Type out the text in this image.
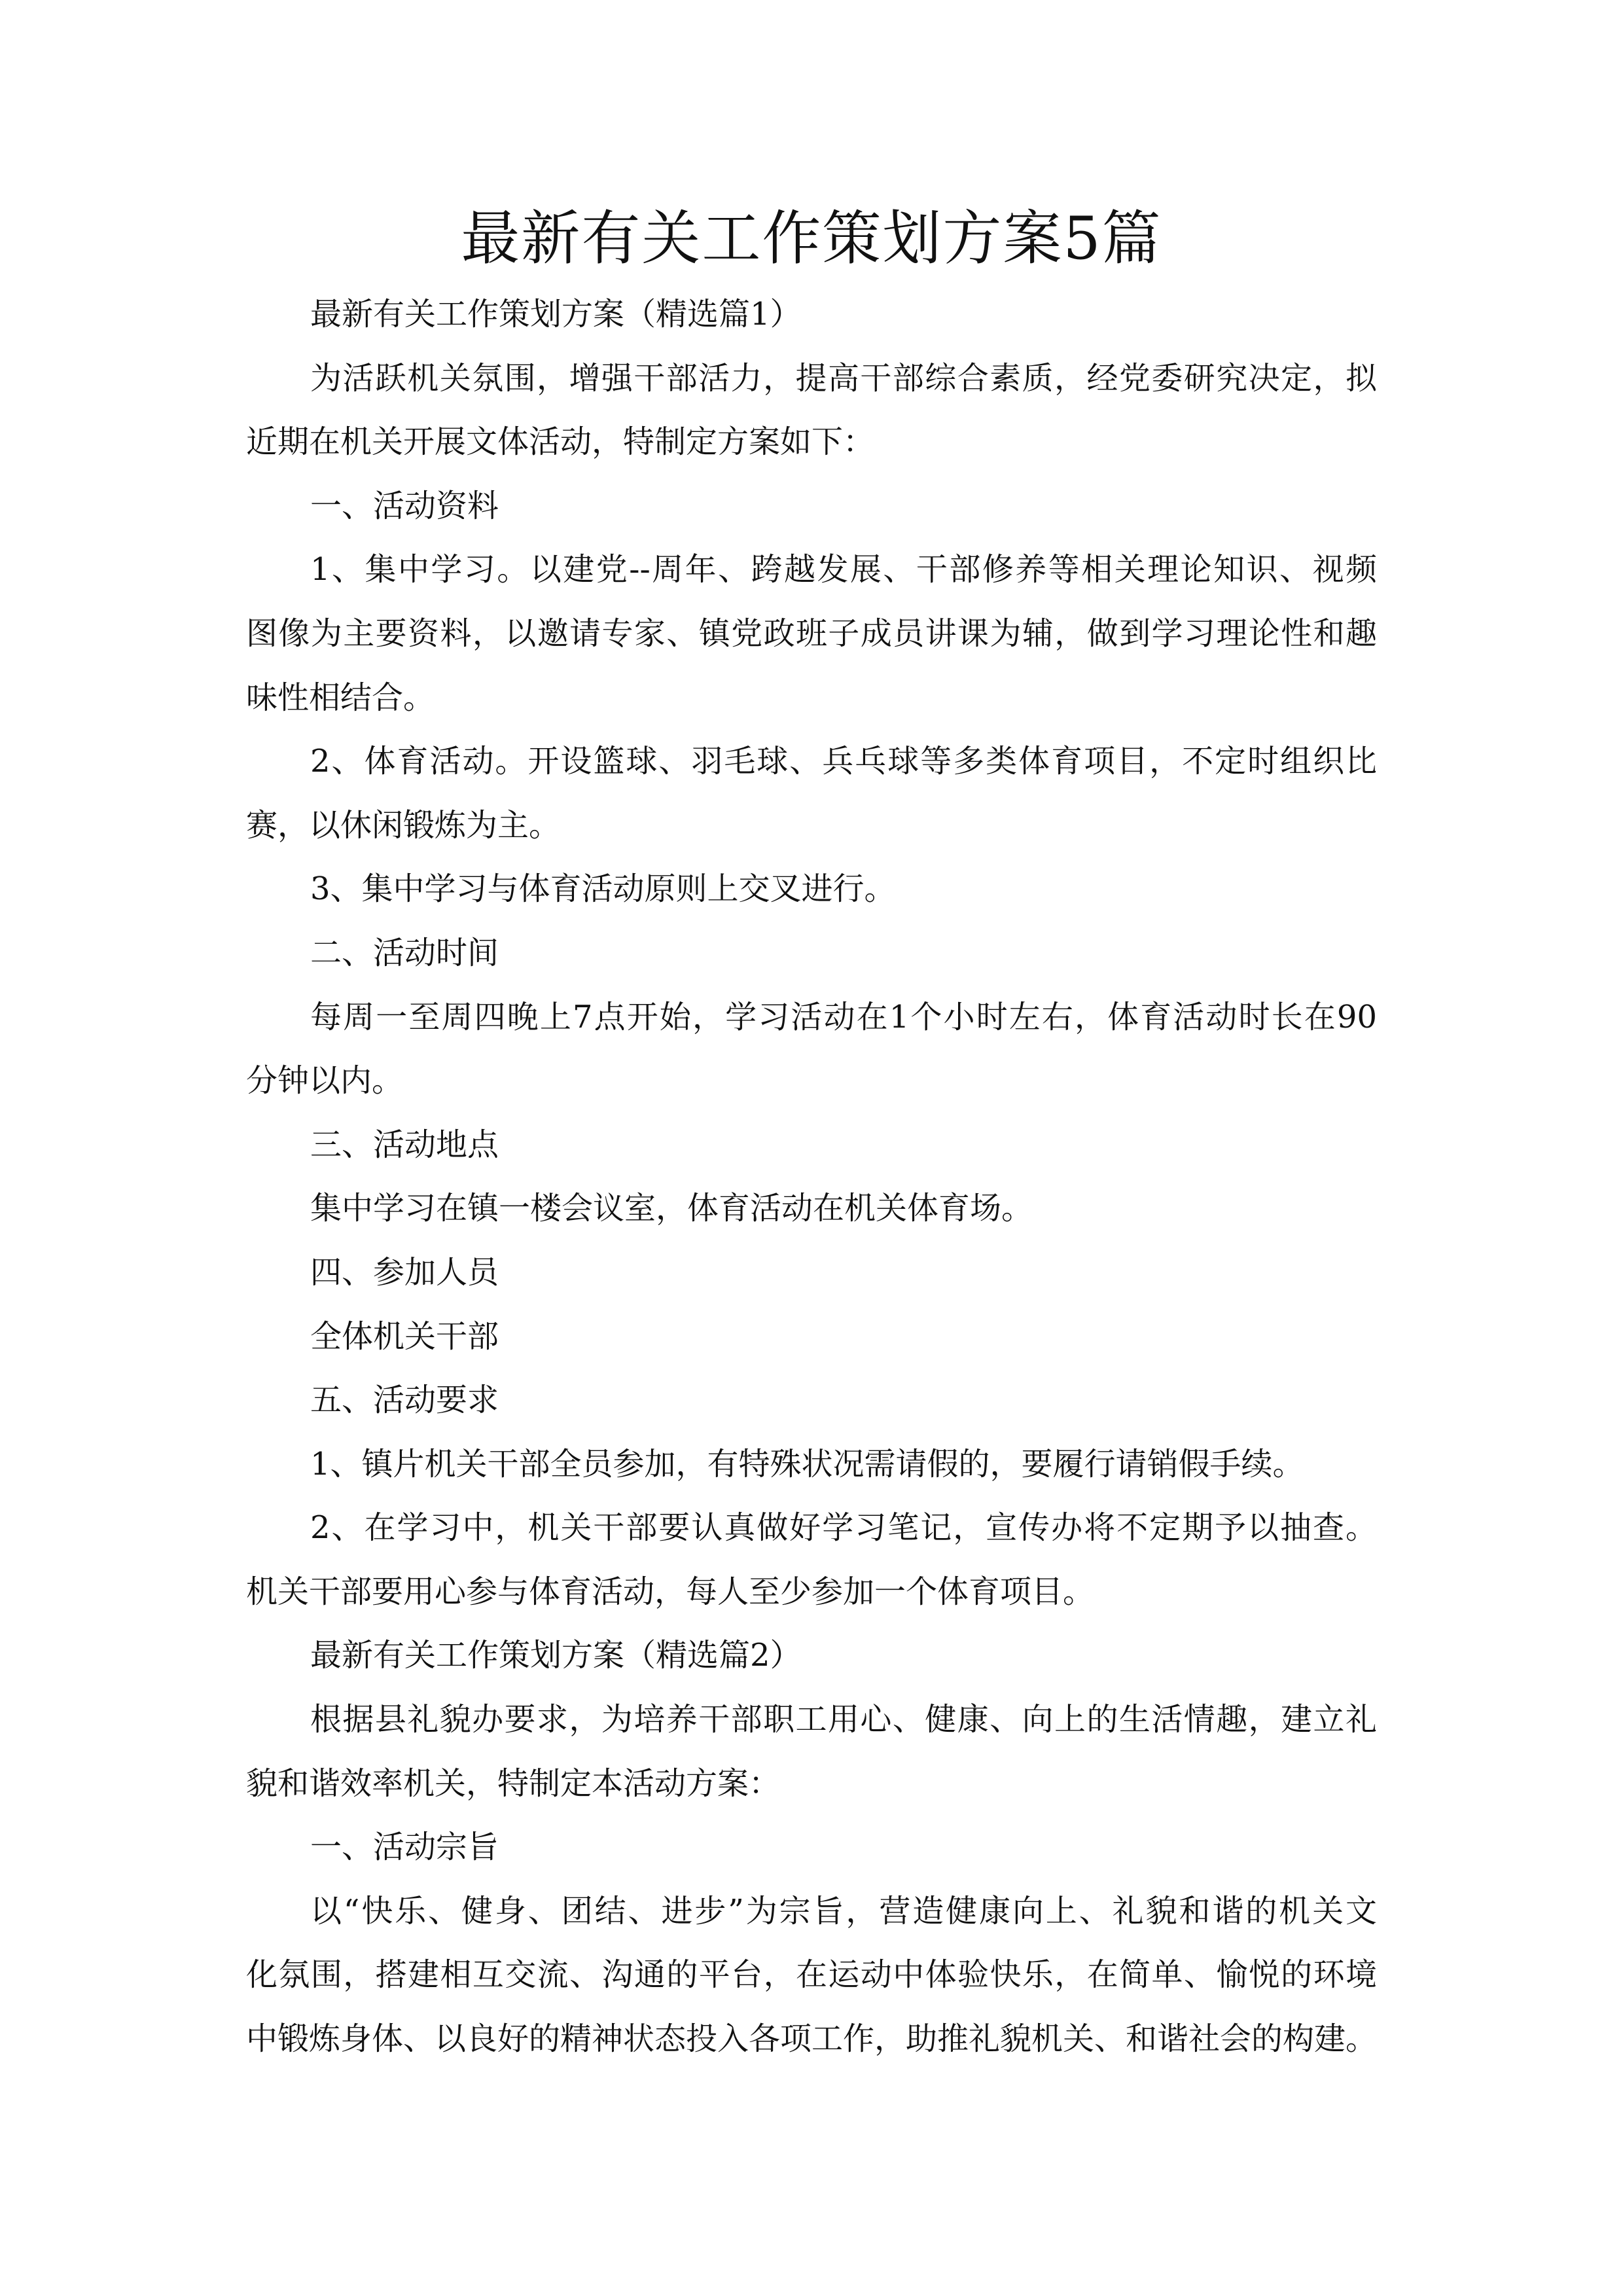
最新有关工作策划方案5篇
最新有关工作策划方案（精选篇1）
为活跃机关氛围，增强干部活力，提高干部综合素质，经党委研究决定，拟
近期在机关开展文体活动，特制定方案如下：
一、活动资料
1、集中学习。以建党--周年、跨越发展、干部修养等相关理论知识、视频
图像为主要资料，以邀请专家、镇党政班子成员讲课为辅，做到学习理论性和趣
味性相结合。
2、体育活动。开设篮球、羽毛球、兵乓球等多类体育项目，不定时组织比
赛，以休闲锻炼为主。
3、集中学习与体育活动原则上交叉进行。
二、活动时间
每周一至周四晚上7点开始，学习活动在1个小时左右，体育活动时长在90
分钟以内。
三、活动地点
集中学习在镇一楼会议室，体育活动在机关体育场。
四、参加人员
全体机关干部
五、活动要求
1、镇片机关干部全员参加，有特殊状况需请假的，要履行请销假手续。
2、在学习中，机关干部要认真做好学习笔记，宣传办将不定期予以抽查。
机关干部要用心参与体育活动，每人至少参加一个体育项目。
最新有关工作策划方案（精选篇2）
根据县礼貌办要求，为培养干部职工用心、健康、向上的生活情趣，建立礼
貌和谐效率机关，特制定本活动方案：
一、活动宗旨
以“快乐、健身、团结、进步”为宗旨，营造健康向上、礼貌和谐的机关文
化氛围，搭建相互交流、沟通的平台，在运动中体验快乐，在简单、愉悦的环境
中锻炼身体、以良好的精神状态投入各项工作，助推礼貌机关、和谐社会的构建。
